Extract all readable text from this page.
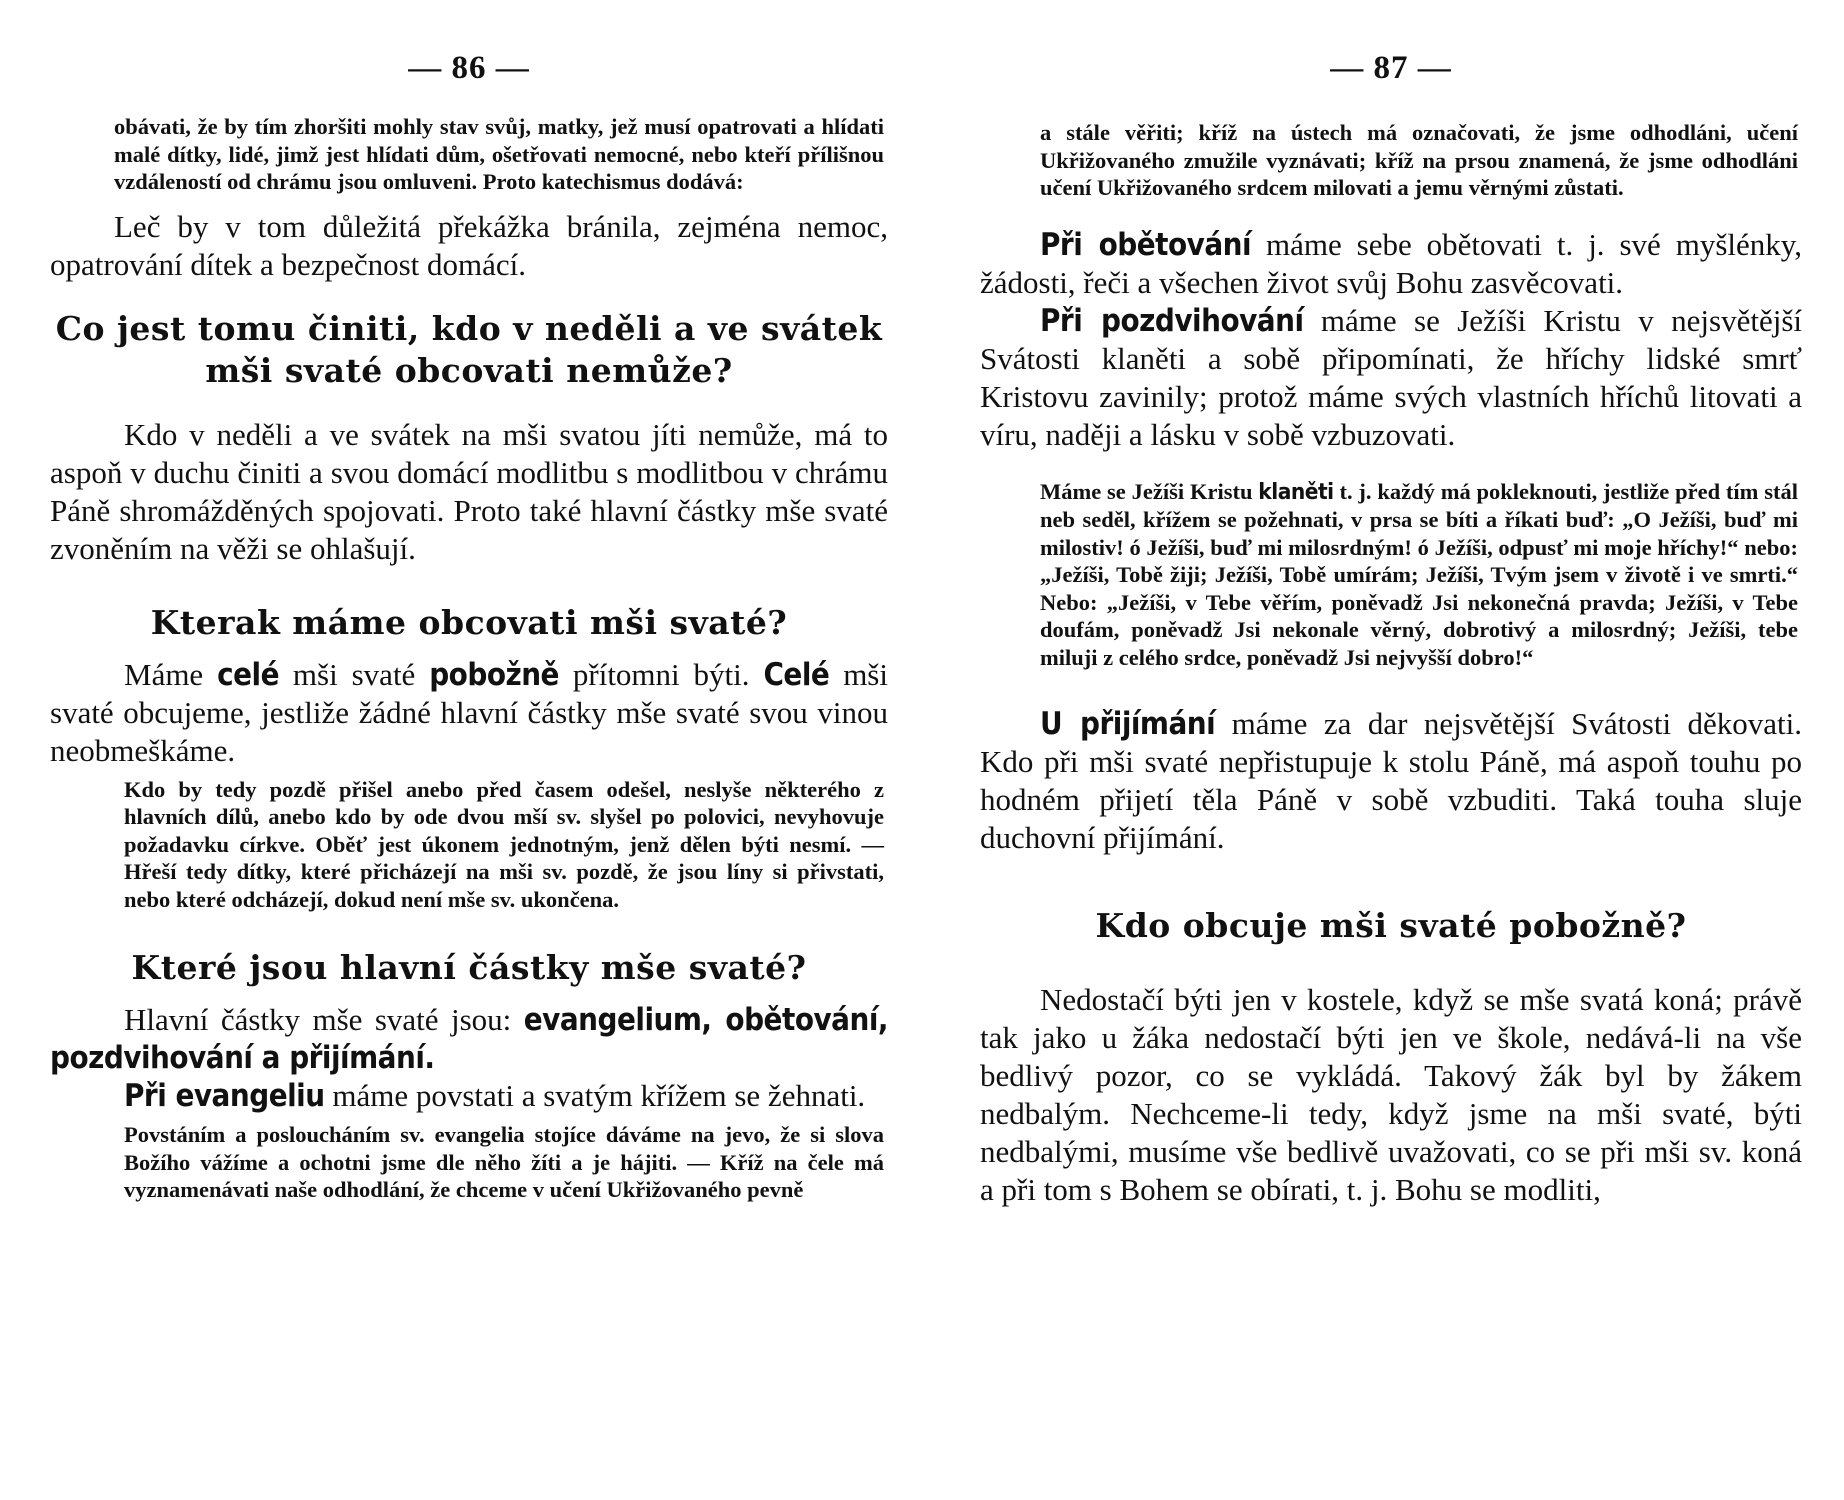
— 86 —

obávati, že by tím zhoršiti mohly stav svůj, matky, jež musí opatrovati a hlídati malé dítky, lidé, jimž jest hlídati dům, ošetřovati nemocné, nebo kteří přílišnou vzdáleností od chrámu jsou omluveni. Proto katechismus dodává:

Leč by v tom důležitá překážka bránila, zejména nemoc, opatrování dítek a bezpečnost domácí.

Co jest tomu činiti, kdo v neděli a ve svátek mši svaté obcovati nemůže?

Kdo v neděli a ve svátek na mši svatou jíti nemůže, má to aspoň v duchu činiti a svou domácí modlitbu s modlitbou v chrámu Páně shromážděných spojovati. Proto také hlavní částky mše svaté zvoněním na věži se ohlašují.

Kterak máme obcovati mši svaté?

Máme celé mši svaté pobožně přítomni býti. Celé mši svaté obcujeme, jestliže žádné hlavní částky mše svaté svou vinou neobmeškáme.

Kdo by tedy pozdě přišel anebo před časem odešel, neslyše některého z hlavních dílů, anebo kdo by ode dvou mší sv. slyšel po polovici, nevyhovuje požadavku církve. Oběť jest úkonem jednotným, jenž dělen býti nesmí. — Hřeší tedy dítky, které přicházejí na mši sv. pozdě, že jsou líny si přivstati, nebo které odcházejí, dokud není mše sv. ukončena.

Které jsou hlavní částky mše svaté?

Hlavní částky mše svaté jsou: evangelium, obětování, pozdvihování a přijímání.

Při evangeliu máme povstati a svatým křížem se žehnati.

Povstáním a posloucháním sv. evangelia stojíce dáváme na jevo, že si slova Božího vážíme a ochotni jsme dle něho žíti a je hájiti. — Kříž na čele má vyznamenávati naše odhodlání, že chceme v učení Ukřižovaného pevně

— 87 —

a stále věřiti; kříž na ústech má označovati, že jsme odhodláni, učení Ukřižovaného zmužile vyznávati; kříž na prsou znamená, že jsme odhodláni učení Ukřižovaného srdcem milovati a jemu věrnými zůstati.

Při obětování máme sebe obětovati t. j. své myšlénky, žádosti, řeči a všechen život svůj Bohu zasvěcovati.

Při pozdvihování máme se Ježíši Kristu v nejsvětější Svátosti klaněti a sobě připomínati, že hříchy lidské smrť Kristovu zavinily; protož máme svých vlastních hříchů litovati a víru, naději a lásku v sobě vzbuzovati.

Máme se Ježíši Kristu klaněti t. j. každý má pokleknouti, jestliže před tím stál neb seděl, křížem se požehnati, v prsa se bíti a říkati buď: „O Ježíši, buď mi milostiv! ó Ježíši, buď mi milosrdným! ó Ježíši, odpusť mi moje hříchy!“ nebo: „Ježíši, Tobě žiji; Ježíši, Tobě umírám; Ježíši, Tvým jsem v životě i ve smrti.“ Nebo: „Ježíši, v Tebe věřím, poněvadž Jsi nekonečná pravda; Ježíši, v Tebe doufám, poněvadž Jsi nekonale věrný, dobrotivý a milosrdný; Ježíši, tebe miluji z celého srdce, poněvadž Jsi nejvyšší dobro!“

U přijímání máme za dar nejsvětější Svátosti děkovati. Kdo při mši svaté nepřistupuje k stolu Páně, má aspoň touhu po hodném přijetí těla Páně v sobě vzbuditi. Taká touha sluje duchovní přijímání.

Kdo obcuje mši svaté pobožně?

Nedostačí býti jen v kostele, když se mše svatá koná; právě tak jako u žáka nedostačí býti jen ve škole, nedává-li na vše bedlivý pozor, co se vykládá. Takový žák byl by žákem nedbalým. Nechceme-li tedy, když jsme na mši svaté, býti nedbalými, musíme vše bedlivě uvažovati, co se při mši sv. koná a při tom s Bohem se obírati, t. j. Bohu se modliti,
